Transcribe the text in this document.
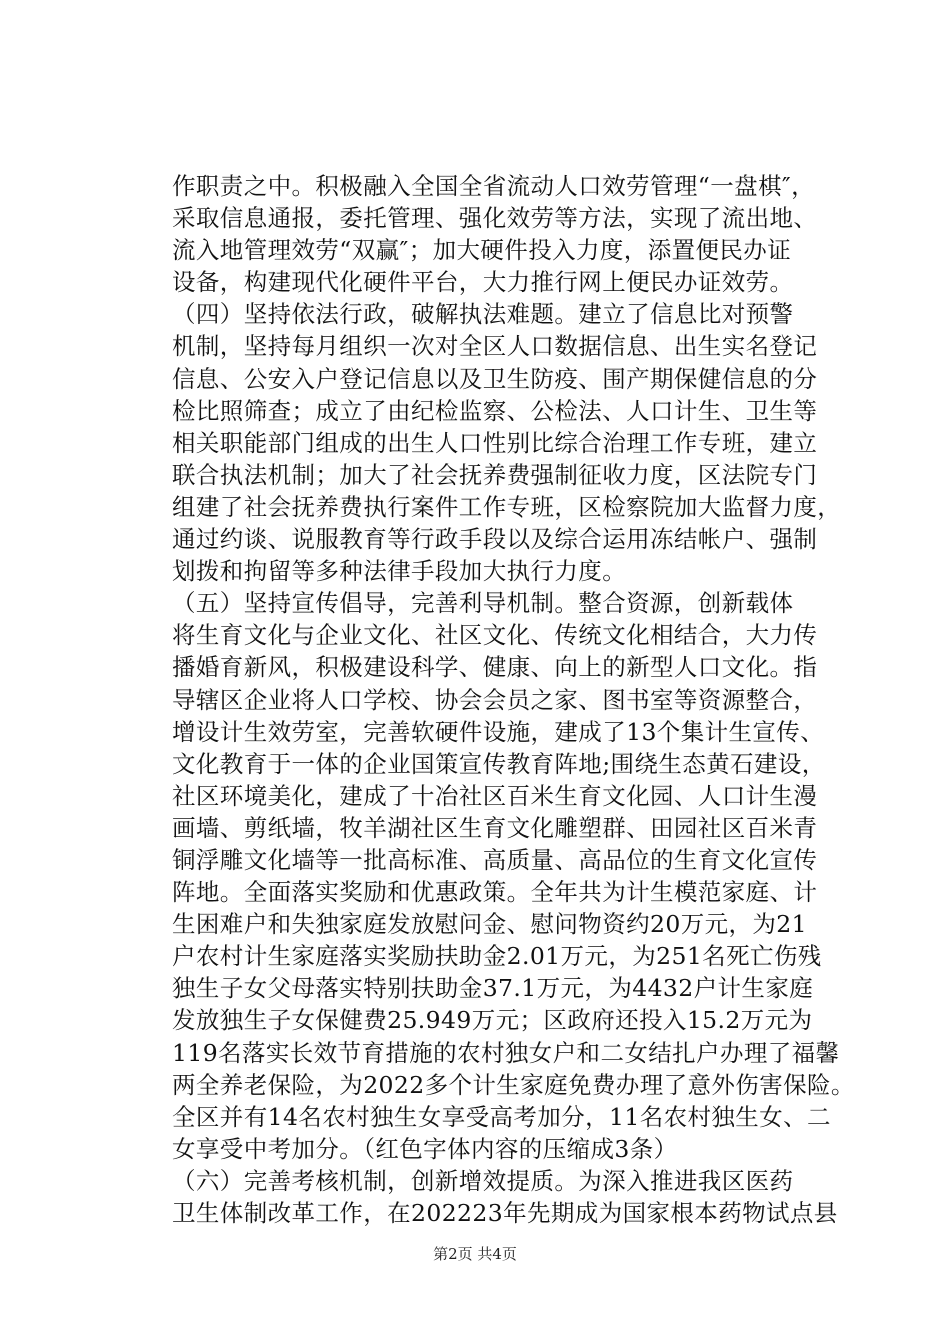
作职责之中。积极融入全国全省流动人口效劳管理“一盘棋″，
采取信息通报，委托管理、强化效劳等方法，实现了流出地、
流入地管理效劳“双赢″；加大硬件投入力度，添置便民办证
设备，构建现代化硬件平台，大力推行网上便民办证效劳。
（四）坚持依法行政，破解执法难题。建立了信息比对预警
机制，坚持每月组织一次对全区人口数据信息、出生实名登记
信息、公安入户登记信息以及卫生防疫、围产期保健信息的分
检比照筛查；成立了由纪检监察、公检法、人口计生、卫生等
相关职能部门组成的出生人口性别比综合治理工作专班，建立
联合执法机制；加大了社会抚养费强制征收力度，区法院专门
组建了社会抚养费执行案件工作专班，区检察院加大监督力度，
通过约谈、说服教育等行政手段以及综合运用冻结帐户、强制
划拨和拘留等多种法律手段加大执行力度。
（五）坚持宣传倡导，完善利导机制。整合资源，创新载体
将生育文化与企业文化、社区文化、传统文化相结合，大力传
播婚育新风，积极建设科学、健康、向上的新型人口文化。指
导辖区企业将人口学校、协会会员之家、图书室等资源整合，
增设计生效劳室，完善软硬件设施，建成了13个集计生宣传、
文化教育于一体的企业国策宣传教育阵地;围绕生态黄石建设，
社区环境美化，建成了十冶社区百米生育文化园、人口计生漫
画墙、剪纸墙，牧羊湖社区生育文化雕塑群、田园社区百米青
铜浮雕文化墙等一批高标准、高质量、高品位的生育文化宣传
阵地。全面落实奖励和优惠政策。全年共为计生模范家庭、计
生困难户和失独家庭发放慰问金、慰问物资约20万元，为21
户农村计生家庭落实奖励扶助金2.01万元，为251名死亡伤残
独生子女父母落实特别扶助金37.1万元，为4432户计生家庭
发放独生子女保健费25.949万元；区政府还投入15.2万元为
119名落实长效节育措施的农村独女户和二女结扎户办理了福馨
两全养老保险，为2022多个计生家庭免费办理了意外伤害保险。
全区并有14名农村独生女享受高考加分，11名农村独生女、二
女享受中考加分。（红色字体内容的压缩成3条）
（六）完善考核机制，创新增效提质。为深入推进我区医药
卫生体制改革工作，在202223年先期成为国家根本药物试点县
第2页 共4页
